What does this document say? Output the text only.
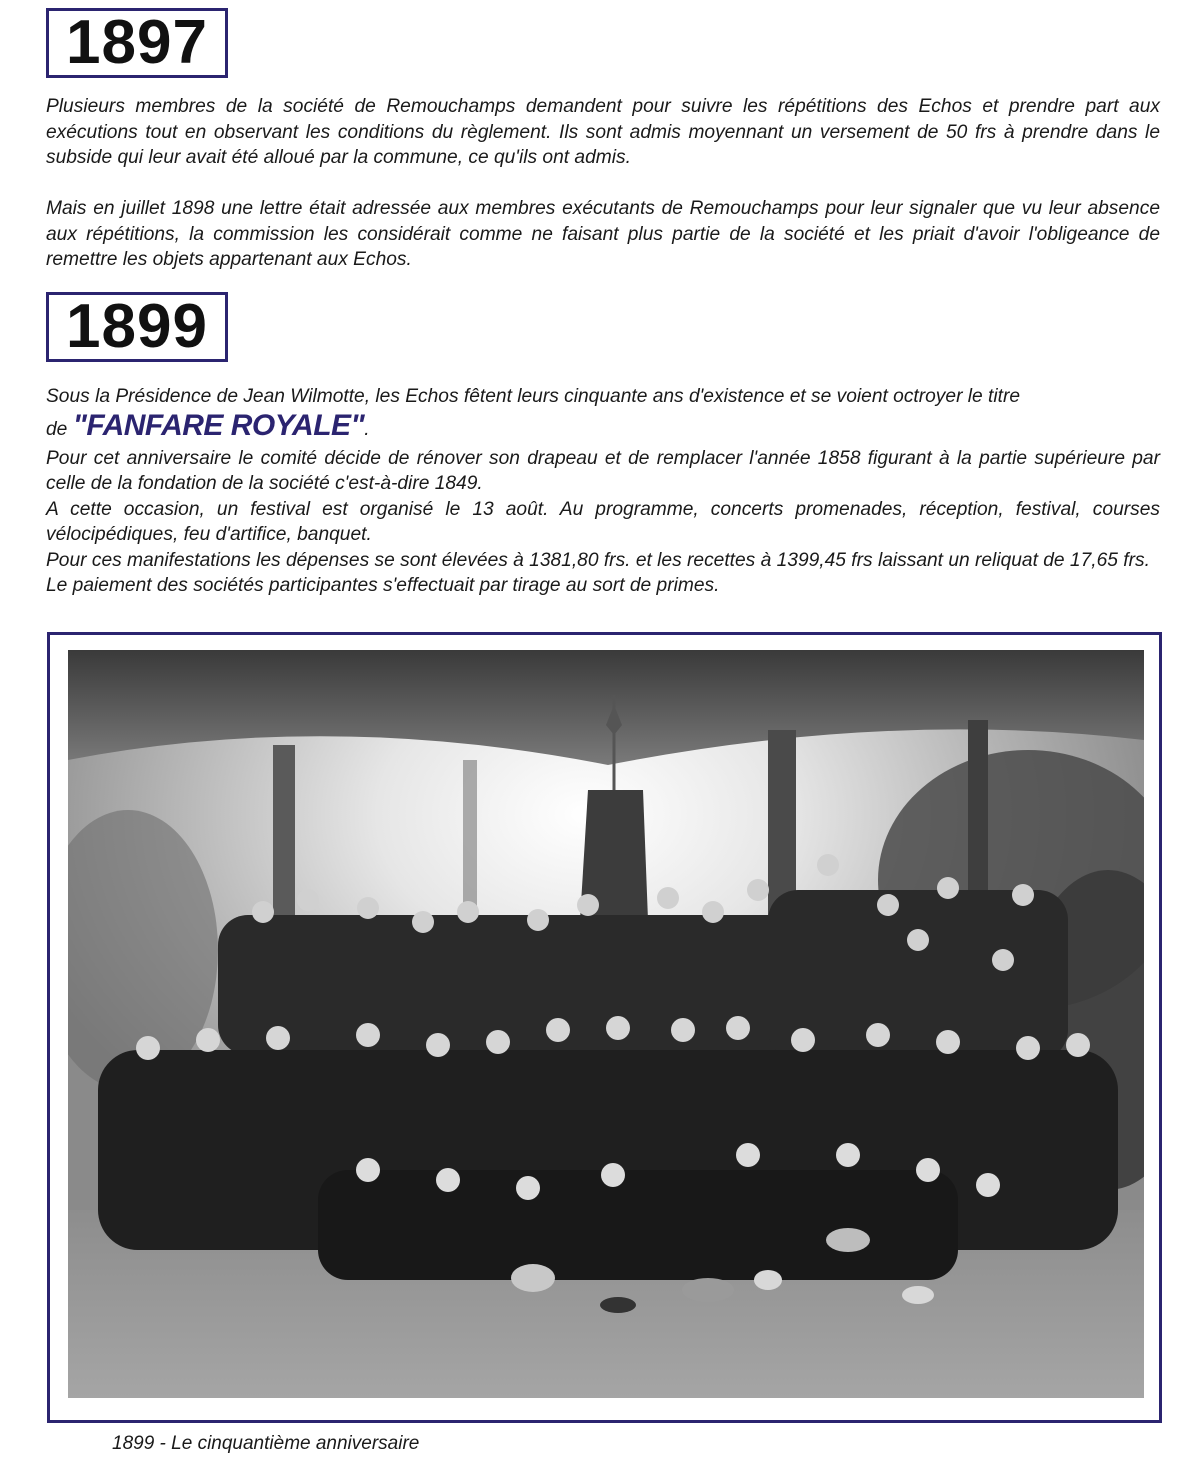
1897

Plusieurs membres de la société de Remouchamps demandent pour suivre les répétitions des Echos et prendre part aux exécutions tout en observant les conditions du règlement. Ils sont admis moyennant un versement de 50 frs à prendre dans le subside qui leur avait été alloué par la commune, ce qu'ils ont admis.

Mais en juillet 1898 une lettre était adressée aux membres exécutants de Remouchamps pour leur signaler que vu leur absence aux répétitions, la commission les considérait comme ne faisant plus partie de la société et les priait d'avoir l'obligeance de remettre les objets appartenant aux Echos.

1899
Sous la Présidence de Jean Wilmotte, les Echos fêtent leurs cinquante ans d'existence et se voient octroyer le titre
de "FANFARE ROYALE".
Pour cet anniversaire le comité décide de rénover son drapeau et de remplacer l'année 1858 figurant à la partie supérieure par celle de la fondation de la société c'est-à-dire 1849.
A cette occasion, un festival est organisé le 13 août. Au programme, concerts promenades, réception, festival, courses vélocipédiques, feu d'artifice, banquet.
Pour ces manifestations les dépenses se sont élevées à 1381,80 frs. et les recettes à 1399,45 frs laissant un reliquat de 17,65 frs.
Le paiement des sociétés participantes s'effectuait par tirage au sort de primes.
1899 - Le cinquantième anniversaire
